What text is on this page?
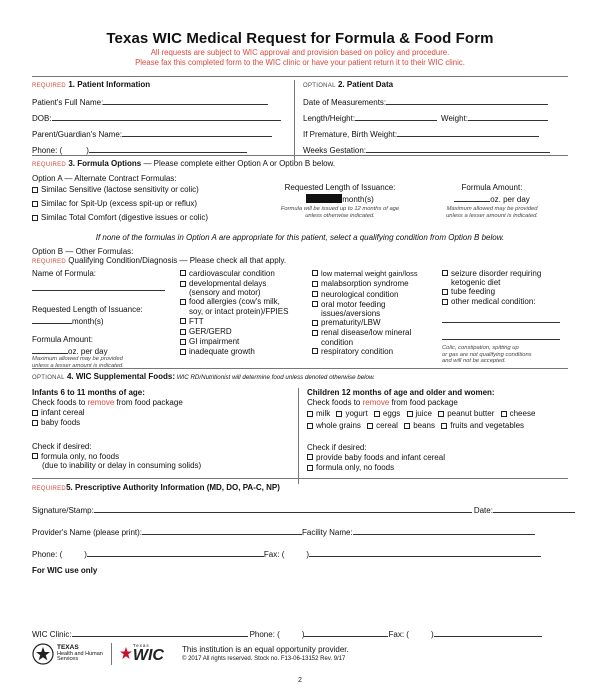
Texas WIC Medical Request for Formula & Food Form
All requests are subject to WIC approval and provision based on policy and procedure.
Please fax this completed form to the WIC clinic or have your patient return it to their WIC clinic.
REQUIRED 1. Patient Information
Patient's Full Name:
DOB:
Parent/Guardian's Name:
Phone: (	)
OPTIONAL 2. Patient Data
Date of Measurements:
Length/Height:	Weight:
If Premature, Birth Weight:
Weeks Gestation:
REQUIRED 3. Formula Options — Please complete either Option A or Option B below.
Option A — Alternate Contract Formulas:
Similac Sensitive (lactose sensitivity or colic)
Similac for Spit-Up (excess spit-up or reflux)
Similac Total Comfort (digestive issues or colic)
Requested Length of Issuance:
month(s)
Formula will be issued up to 12 months of age
unless otherwise indicated.
Formula Amount:
oz. per day
Maximum allowed may be provided
unless a lesser amount is indicated.
If none of the formulas in Option A are appropriate for this patient, select a qualifying condition from Option B below.
Option B — Other Formulas:
REQUIRED Qualifying Condition/Diagnosis — Please check all that apply.
Name of Formula:
Requested Length of Issuance:
month(s)
Formula Amount:
oz. per day
Maximum allowed may be provided
unless a lesser amount is indicated.
cardiovascular condition
developmental delays
(sensory and motor)
food allergies (cow's milk,
soy, or intact protein)/FPIES
FTT
GER/GERD
GI impairment
inadequate growth
low maternal weight gain/loss
malabsorption syndrome
neurological condition
oral motor feeding
issues/aversions
prematurity/LBW
renal disease/low mineral
condition
respiratory condition
seizure disorder requiring
ketogenic diet
tube feeding
other medical condition:
Colic, constipation, spitting up
or gas are not qualifying conditions
and will not be accepted.
OPTIONAL 4. WIC Supplemental Foods: WIC RD/Nutritionist will determine food unless denoted otherwise below.
Infants 6 to 11 months of age:
Check foods to remove from food package
infant cereal
baby foods
Check if desired:
formula only, no foods
(due to inability or delay in consuming solids)
Children 12 months of age and older and women:
Check foods to remove from food package
milk yogurt eggs juice peanut butter cheese
whole grains cereal beans fruits and vegetables
Check if desired:
provide baby foods and infant cereal
formula only, no foods
REQUIRED5. Prescriptive Authority Information (MD, DO, PA-C, NP)
Signature/Stamp:	Date:
Provider's Name (please print):	Facility Name:
Phone: (	)	Fax: (	)
For WIC use only
WIC Clinic:	Phone: (	)	Fax: (	)
TEXAS
Health and Human
Services
Texas
WIC This institution is an equal opportunity provider.
© 2017 All rights reserved. Stock no. F13-06-13152 Rev. 9/17
2
